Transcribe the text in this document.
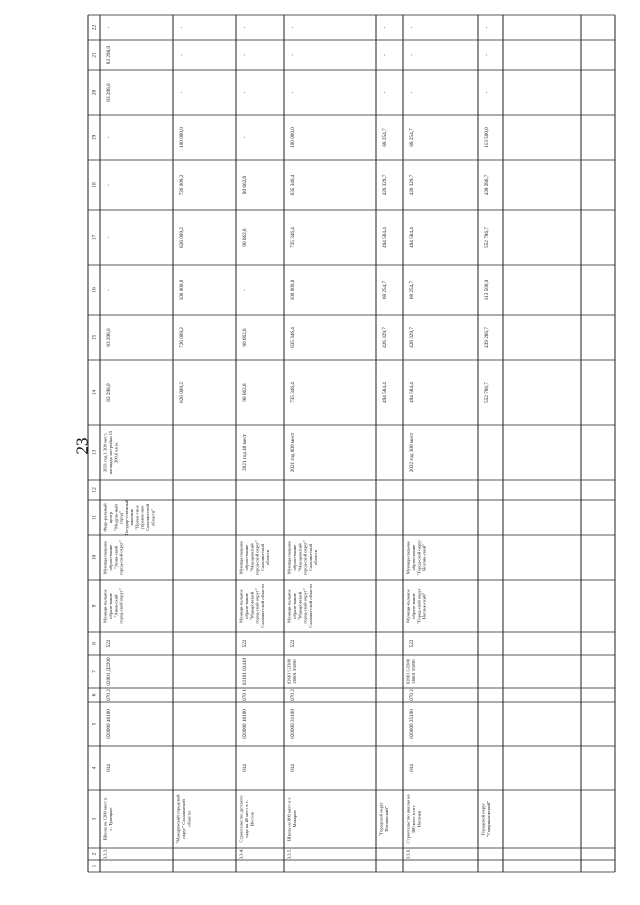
23
1
2
3
4
5
6
7
8
9
10
11
12
13
14
15
16
17
18
19
20
21
22
3.3.3.
Школа на 1200 мест вс. Троицкое
014
020000 46100
070 2
02001 Д2200
522
Муници-пальноеобразо-вание"Анив-скийгород-ской округ"
Муници-пальноеобразо-вание"Анив-скийгород-ской округ"
Феде-ральныйцентр"Модуль-ныйгород"Государ-ственныйзаказчик"Проек-тноеуправле-ниеСахалин-скойобласти"
2021 год 1 200 мест,площадь застройки 15200,0 кв.м.
83 298,0
83 298,0
-
-
-
-
83 298,0
83 298,0
-
"Макаровский городскойокруг" Сахалинскойобласти
826 009,2
726 009,2
100 000,0
826 009,2
726 009,2
100 000,0
-
-
-
3.3.4.
Строительство детскогосада на 40 мест в с.Восток
014
020000 18100
070 1
02101 03410
522
Муници-пальноеобразо-вание"Макаровскийгород-ской округ"Сахалин-ской области
Муници-пальноеобразо-вание"Макаровскийгород-ской округ"Сахалин-скойобласти
2021 год 40 мест
90 662,8
90 662,8
-
90 662,8
90 662,8
-
-
-
-
3.3.5.
Школа на 800 мест в г.Макаров
014
020000 31100
070 2
02601 G330026601 55050
522
Муници-пальноеобразо-вание"Макаровскийгород-ской округ"Сахалин-ской области
Муници-пальноеобразо-вание"Макаровскийгород-ской округ"Сахалин-скойобласти
2021 год 800 мест
735 346,4
635 346,4
100 000,0
735 346,4
635 346,4
100 000,0
-
-
-
"Городской округНогликский"
494 584,4
426 329,7
68 254,7
494 584,4
426 329,7
68 254,7
-
-
-
3.3.6.
Строительство школы на300 мест в пгт.Ноглики
014
020000 25100
070 2
02001 G330026601 55050
522
Муници-пальноеобразо-вание"Город-ской округНоглик-ский"
Муници-пальноеобразо-вание"Город-ской округНоглик-ский"
2022 год 300 мест
494 584,4
426 329,7
68 254,7
494 584,4
426 329,7
68 254,7
-
-
-
Городской округ"Смирныховский"
552 786,7
439 286,7
113 500,0
552 786,7
439 286,7
113 500,0
-
-
-
